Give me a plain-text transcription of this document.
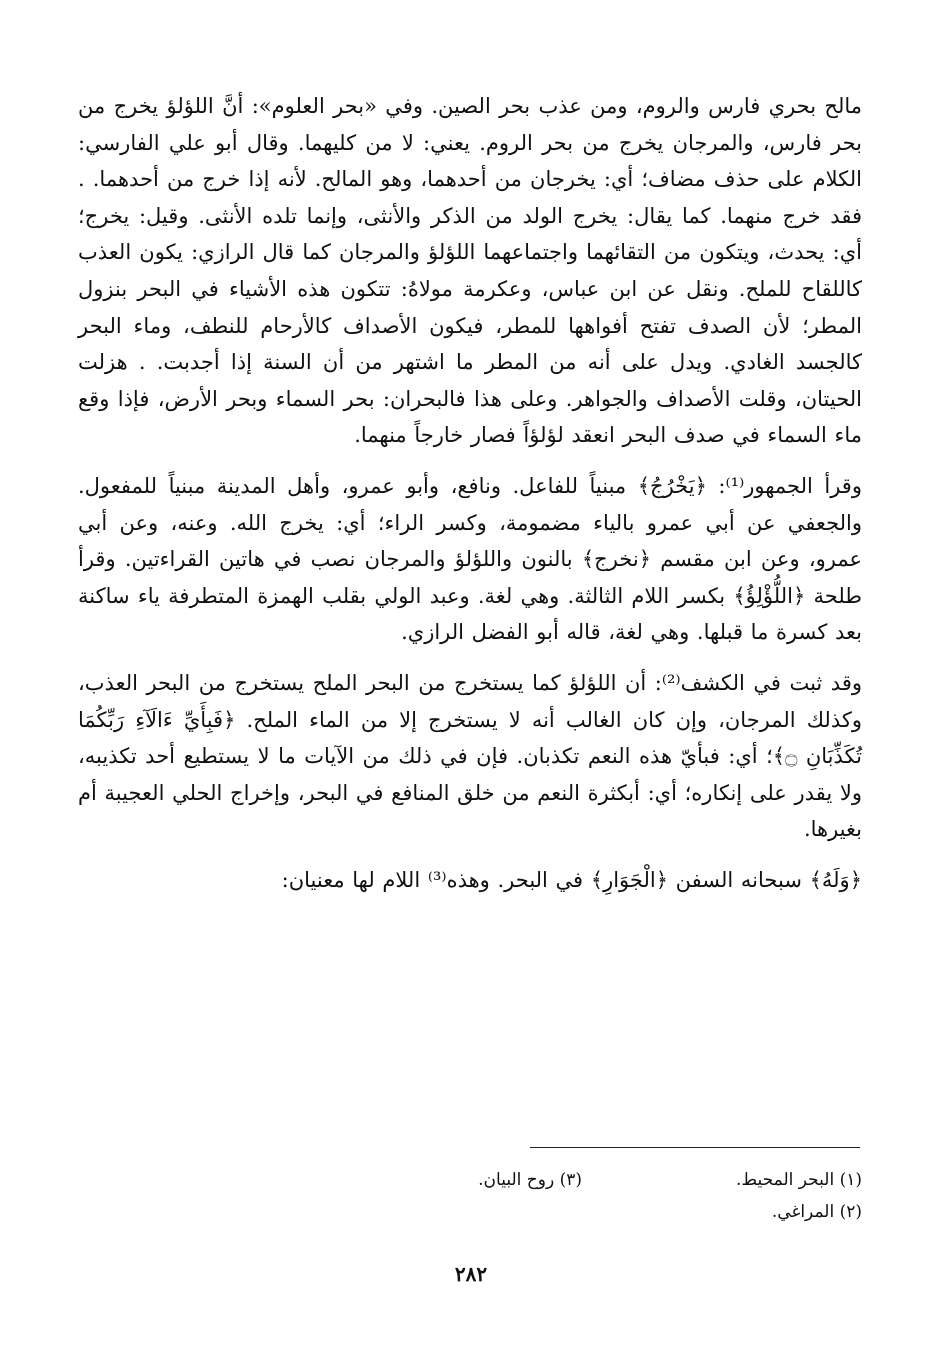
مالح بحري فارس والروم، ومن عذب بحر الصين. وفي «بحر العلوم»: أنَّ اللؤلؤ يخرج من بحر فارس، والمرجان يخرج من بحر الروم. يعني: لا من كليهما. وقال أبو علي الفارسي: الكلام على حذف مضاف؛ أي: يخرجان من أحدهما، وهو المالح. لأنه إذا خرج من أحدهما. . فقد خرج منهما. كما يقال: يخرج الولد من الذكر والأنثى، وإنما تلده الأنثى. وقيل: يخرج؛ أي: يحدث، ويتكون من التقائهما واجتماعهما اللؤلؤ والمرجان كما قال الرازي: يكون العذب كاللقاح للملح. ونقل عن ابن عباس، وعكرمة مولاهُ: تتكون هذه الأشياء في البحر بنزول المطر؛ لأن الصدف تفتح أفواهها للمطر، فيكون الأصداف كالأرحام للنطف، وماء البحر كالجسد الغادي. ويدل على أنه من المطر ما اشتهر من أن السنة إذا أجدبت. . هزلت الحيتان، وقلت الأصداف والجواهر. وعلى هذا فالبحران: بحر السماء وبحر الأرض، فإذا وقع ماء السماء في صدف البحر انعقد لؤلؤاً فصار خارجاً منهما.

وقرأ الجمهور⁽¹⁾: ﴿يَخْرُجُ﴾ مبنياً للفاعل. ونافع، وأبو عمرو، وأهل المدينة مبنياً للمفعول. والجعفي عن أبي عمرو بالياء مضمومة، وكسر الراء؛ أي: يخرج الله. وعنه، وعن أبي عمرو، وعن ابن مقسم ﴿نخرج﴾ بالنون واللؤلؤ والمرجان نصب في هاتين القراءتين. وقرأ طلحة ﴿اللُّؤْلِؤُ﴾ بكسر اللام الثالثة. وهي لغة. وعبد الولي بقلب الهمزة المتطرفة ياء ساكنة بعد كسرة ما قبلها. وهي لغة، قاله أبو الفضل الرازي.

وقد ثبت في الكشف⁽²⁾: أن اللؤلؤ كما يستخرج من البحر الملح يستخرج من البحر العذب، وكذلك المرجان، وإن كان الغالب أنه لا يستخرج إلا من الماء الملح. ﴿فَبِأَيِّ ءَالَآءِ رَبِّكُمَا تُكَذِّبَانِ ۝﴾؛ أي: فبأيّ هذه النعم تكذبان. فإن في ذلك من الآيات ما لا يستطيع أحد تكذيبه، ولا يقدر على إنكاره؛ أي: أبكثرة النعم من خلق المنافع في البحر، وإخراج الحلي العجيبة أم بغيرها.

﴿وَلَهُ﴾ سبحانه السفن ﴿الْجَوَارِ﴾ في البحر. وهذه⁽³⁾ اللام لها معنيان:

(١) البحر المحيط.
(٣) روح البيان.
(٢) المراغي.
٢٨٢
